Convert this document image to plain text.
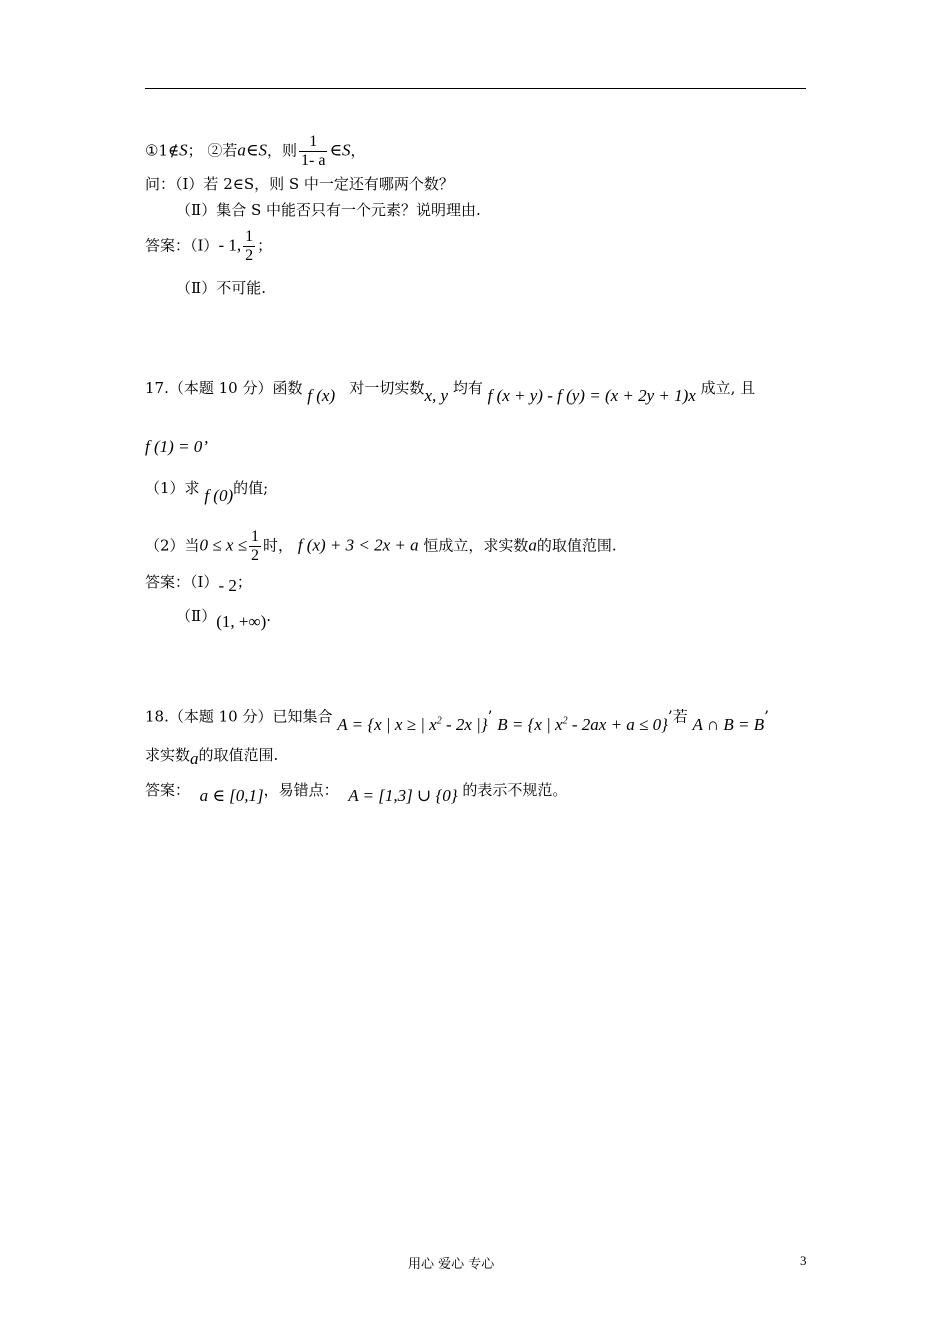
①1∉S； ②若a∈S，则 $\frac{1}{1- a}$ ∈S，
问：（Ⅰ）若 2∈S，则 S 中一定还有哪两个数？
（Ⅱ）集合 S 中能否只有一个元素？说明理由.
答案：（Ⅰ）- 1, $\frac{1}{2}$ ；
（Ⅱ）不可能.
17.（本题 10 分）函数 f (x) 对一切实数x, y 均有 f (x + y) - f (y) = (x + 2y + 1)x 成立, 且
f (1) = 0’
（1）求 f (0)的值;
（2）当$0 \le x \le \frac{1}{2}$ 时， f (x) + 3 < 2x + a 恒成立，求实数a的取值范围.
答案：（Ⅰ）- 2；
（Ⅱ）(1, +∞).
18.（本题 10 分）已知集合 A = {x | x ≥ | $x^2 - 2x$ |}’ B = {x | $x^2 - 2ax + a \le 0$}’若 A ∩ B = B’
求实数a的取值范围.
答案： a ∈ [0,1]，易错点： A = [1,3] ∪ {0} 的表示不规范。
用心 爱心 专心	3
